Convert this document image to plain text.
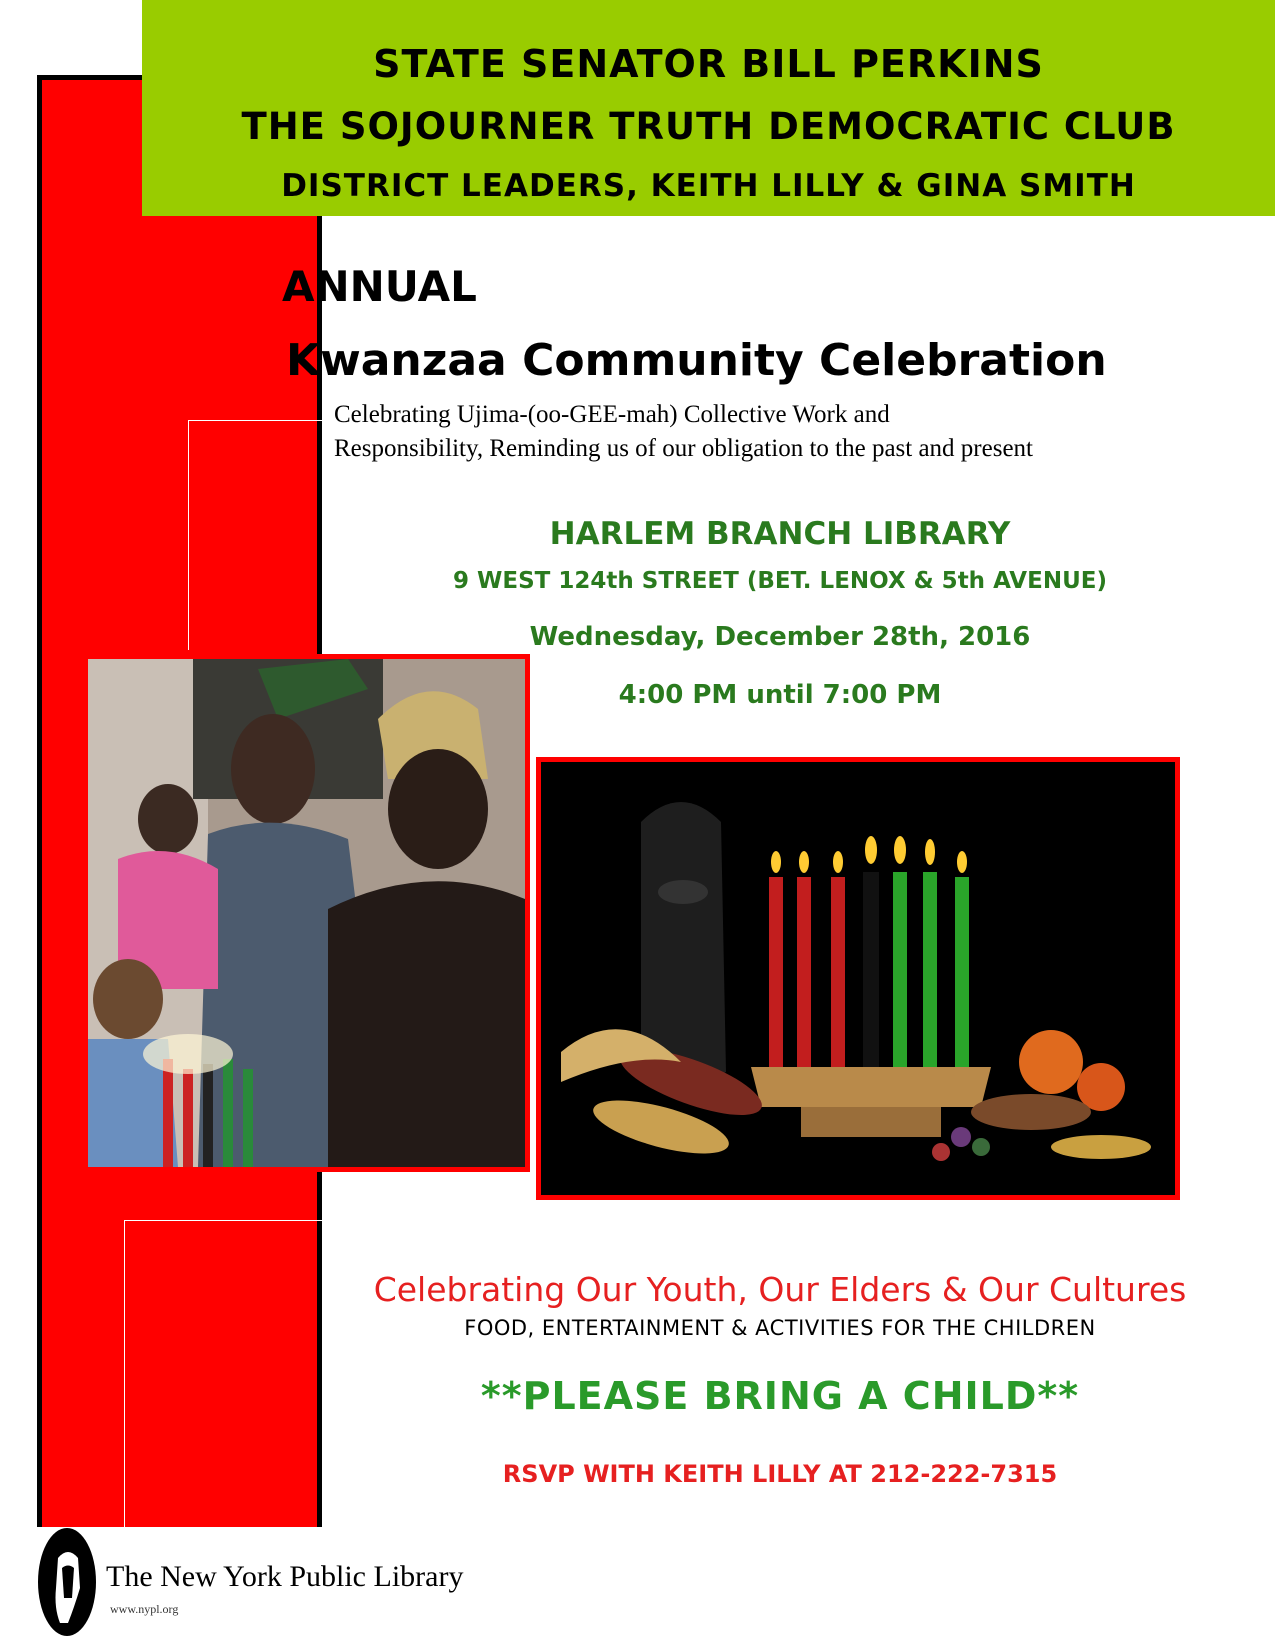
STATE SENATOR BILL PERKINS
THE SOJOURNER TRUTH DEMOCRATIC CLUB
DISTRICT LEADERS, KEITH LILLY & GINA SMITH
ANNUAL
Kwanzaa Community Celebration
Celebrating Ujima-(oo-GEE-mah) Collective Work and
Responsibility, Reminding us of our obligation to the past and present
HARLEM BRANCH LIBRARY
9 WEST 124th STREET (BET. LENOX & 5th AVENUE)
Wednesday, December 28th, 2016
4:00 PM until 7:00 PM
Celebrating Our Youth, Our Elders & Our Cultures
FOOD, ENTERTAINMENT & ACTIVITIES FOR THE CHILDREN
**PLEASE BRING A CHILD**
RSVP WITH KEITH LILLY AT 212-222-7315
The New York Public Library
www.nypl.org
